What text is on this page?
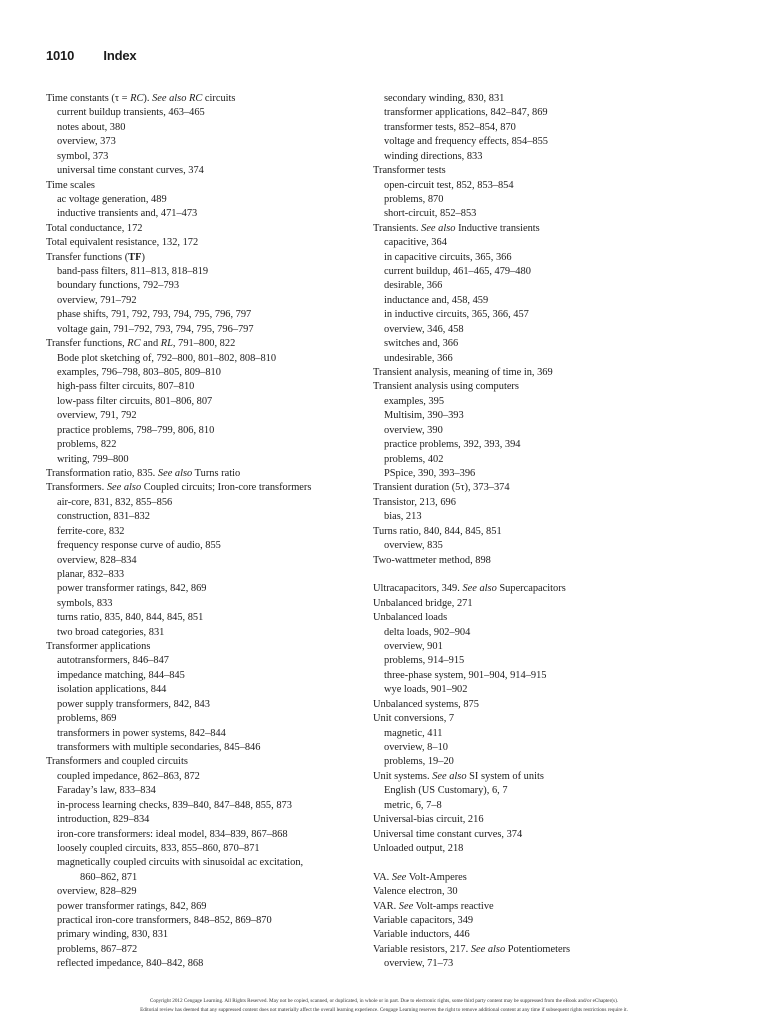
1010 Index
Time constants (τ = RC). See also RC circuits
current buildup transients, 463–465
notes about, 380
overview, 373
symbol, 373
universal time constant curves, 374
Time scales
ac voltage generation, 489
inductive transients and, 471–473
Total conductance, 172
Total equivalent resistance, 132, 172
Transfer functions (TF)
band-pass filters, 811–813, 818–819
boundary functions, 792–793
overview, 791–792
phase shifts, 791, 792, 793, 794, 795, 796, 797
voltage gain, 791–792, 793, 794, 795, 796–797
Transfer functions, RC and RL, 791–800, 822
Bode plot sketching of, 792–800, 801–802, 808–810
examples, 796–798, 803–805, 809–810
high-pass filter circuits, 807–810
low-pass filter circuits, 801–806, 807
overview, 791, 792
practice problems, 798–799, 806, 810
problems, 822
writing, 799–800
Transformation ratio, 835. See also Turns ratio
Transformers. See also Coupled circuits; Iron-core transformers
air-core, 831, 832, 855–856
construction, 831–832
ferrite-core, 832
frequency response curve of audio, 855
overview, 828–834
planar, 832–833
power transformer ratings, 842, 869
symbols, 833
turns ratio, 835, 840, 844, 845, 851
two broad categories, 831
Transformer applications
autotransformers, 846–847
impedance matching, 844–845
isolation applications, 844
power supply transformers, 842, 843
problems, 869
transformers in power systems, 842–844
transformers with multiple secondaries, 845–846
Transformers and coupled circuits
coupled impedance, 862–863, 872
Faraday’s law, 833–834
in-process learning checks, 839–840, 847–848, 855, 873
introduction, 829–834
iron-core transformers: ideal model, 834–839, 867–868
loosely coupled circuits, 833, 855–860, 870–871
magnetically coupled circuits with sinusoidal ac excitation,
860–862, 871
overview, 828–829
power transformer ratings, 842, 869
practical iron-core transformers, 848–852, 869–870
primary winding, 830, 831
problems, 867–872
reflected impedance, 840–842, 868
secondary winding, 830, 831
transformer applications, 842–847, 869
transformer tests, 852–854, 870
voltage and frequency effects, 854–855
winding directions, 833
Transformer tests
open-circuit test, 852, 853–854
problems, 870
short-circuit, 852–853
Transients. See also Inductive transients
capacitive, 364
in capacitive circuits, 365, 366
current buildup, 461–465, 479–480
desirable, 366
inductance and, 458, 459
in inductive circuits, 365, 366, 457
overview, 346, 458
switches and, 366
undesirable, 366
Transient analysis, meaning of time in, 369
Transient analysis using computers
examples, 395
Multisim, 390–393
overview, 390
practice problems, 392, 393, 394
problems, 402
PSpice, 390, 393–396
Transient duration (5τ), 373–374
Transistor, 213, 696
bias, 213
Turns ratio, 840, 844, 845, 851
overview, 835
Two-wattmeter method, 898
Ultracapacitors, 349. See also Supercapacitors
Unbalanced bridge, 271
Unbalanced loads
delta loads, 902–904
overview, 901
problems, 914–915
three-phase system, 901–904, 914–915
wye loads, 901–902
Unbalanced systems, 875
Unit conversions, 7
magnetic, 411
overview, 8–10
problems, 19–20
Unit systems. See also SI system of units
English (US Customary), 6, 7
metric, 6, 7–8
Universal-bias circuit, 216
Universal time constant curves, 374
Unloaded output, 218
VA. See Volt-Amperes
Valence electron, 30
VAR. See Volt-amps reactive
Variable capacitors, 349
Variable inductors, 446
Variable resistors, 217. See also Potentiometers
overview, 71–73
Copyright 2012 Cengage Learning. All Rights Reserved. May not be copied, scanned, or duplicated, in whole or in part. Due to electronic rights, some third party content may be suppressed from the eBook and/or eChapter(s).
Editorial review has deemed that any suppressed content does not materially affect the overall learning experience. Cengage Learning reserves the right to remove additional content at any time if subsequent rights restrictions require it.
